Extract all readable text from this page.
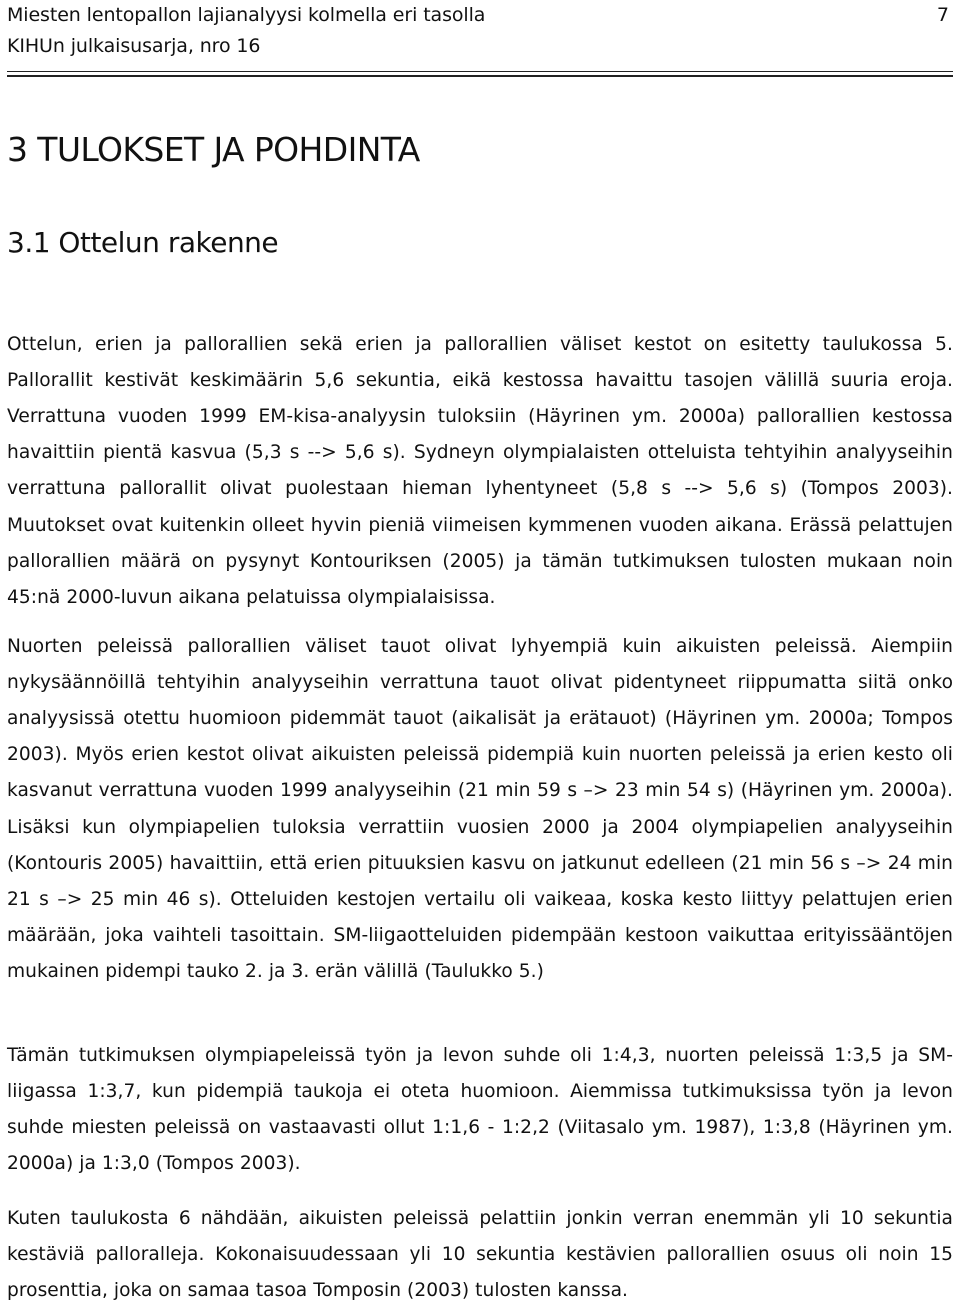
Miesten lentopallon lajianalyysi kolmella eri tasolla
KIHUn julkaisusarja, nro 16
7
3 TULOKSET JA POHDINTA
3.1 Ottelun rakenne

Ottelun, erien ja pallorallien sekä erien ja pallorallien väliset kestot on esitetty taulukossa 5. Pallorallit kestivät keskimäärin 5,6 sekuntia, eikä kestossa havaittu tasojen välillä suuria eroja. Verrattuna vuoden 1999 EM-kisa-analyysin tuloksiin (Häyrinen ym. 2000a) pallorallien kestossa havaittiin pientä kasvua (5,3 s --> 5,6 s). Sydneyn olympialaisten otteluista tehtyihin analyyseihin verrattuna pallorallit olivat puolestaan hieman lyhentyneet (5,8 s --> 5,6 s) (Tompos 2003). Muutokset ovat kuitenkin olleet hyvin pieniä viimeisen kymmenen vuoden aikana. Erässä pelattujen pallorallien määrä on pysynyt Kontouriksen (2005) ja tämän tutkimuksen tulosten mukaan noin 45:nä 2000-luvun aikana pelatuissa olympialaisissa.

Nuorten peleissä pallorallien väliset tauot olivat lyhyempiä kuin aikuisten peleissä. Aiempiin nykysäännöillä tehtyihin analyyseihin verrattuna tauot olivat pidentyneet riippumatta siitä onko analyysissä otettu huomioon pidemmät tauot (aikalisät ja erätauot) (Häyrinen ym. 2000a; Tompos 2003). Myös erien kestot olivat aikuisten peleissä pidempiä kuin nuorten peleissä ja erien kesto oli kasvanut verrattuna vuoden 1999 analyyseihin (21 min 59 s –> 23 min 54 s) (Häyrinen ym. 2000a). Lisäksi kun olympiapelien tuloksia verrattiin vuosien 2000 ja 2004 olympiapelien analyyseihin (Kontouris 2005) havaittiin, että erien pituuksien kasvu on jatkunut edelleen (21 min 56 s –> 24 min 21 s –> 25 min 46 s). Otteluiden kestojen vertailu oli vaikeaa, koska kesto liittyy pelattujen erien määrään, joka vaihteli tasoittain. SM-liigaotteluiden pidempään kestoon vaikuttaa erityissääntöjen mukainen pidempi tauko 2. ja 3. erän välillä (Taulukko 5.)

Tämän tutkimuksen olympiapeleissä työn ja levon suhde oli 1:4,3, nuorten peleissä 1:3,5 ja SM-liigassa 1:3,7, kun pidempiä taukoja ei oteta huomioon. Aiemmissa tutkimuksissa työn ja levon suhde miesten peleissä on vastaavasti ollut 1:1,6 - 1:2,2 (Viitasalo ym. 1987), 1:3,8 (Häyrinen ym. 2000a) ja 1:3,0 (Tompos 2003).

Kuten taulukosta 6 nähdään, aikuisten peleissä pelattiin jonkin verran enemmän yli 10 sekuntia kestäviä palloralleja. Kokonaisuudessaan yli 10 sekuntia kestävien pallorallien osuus oli noin 15 prosenttia, joka on samaa tasoa Tomposin (2003) tulosten kanssa.
